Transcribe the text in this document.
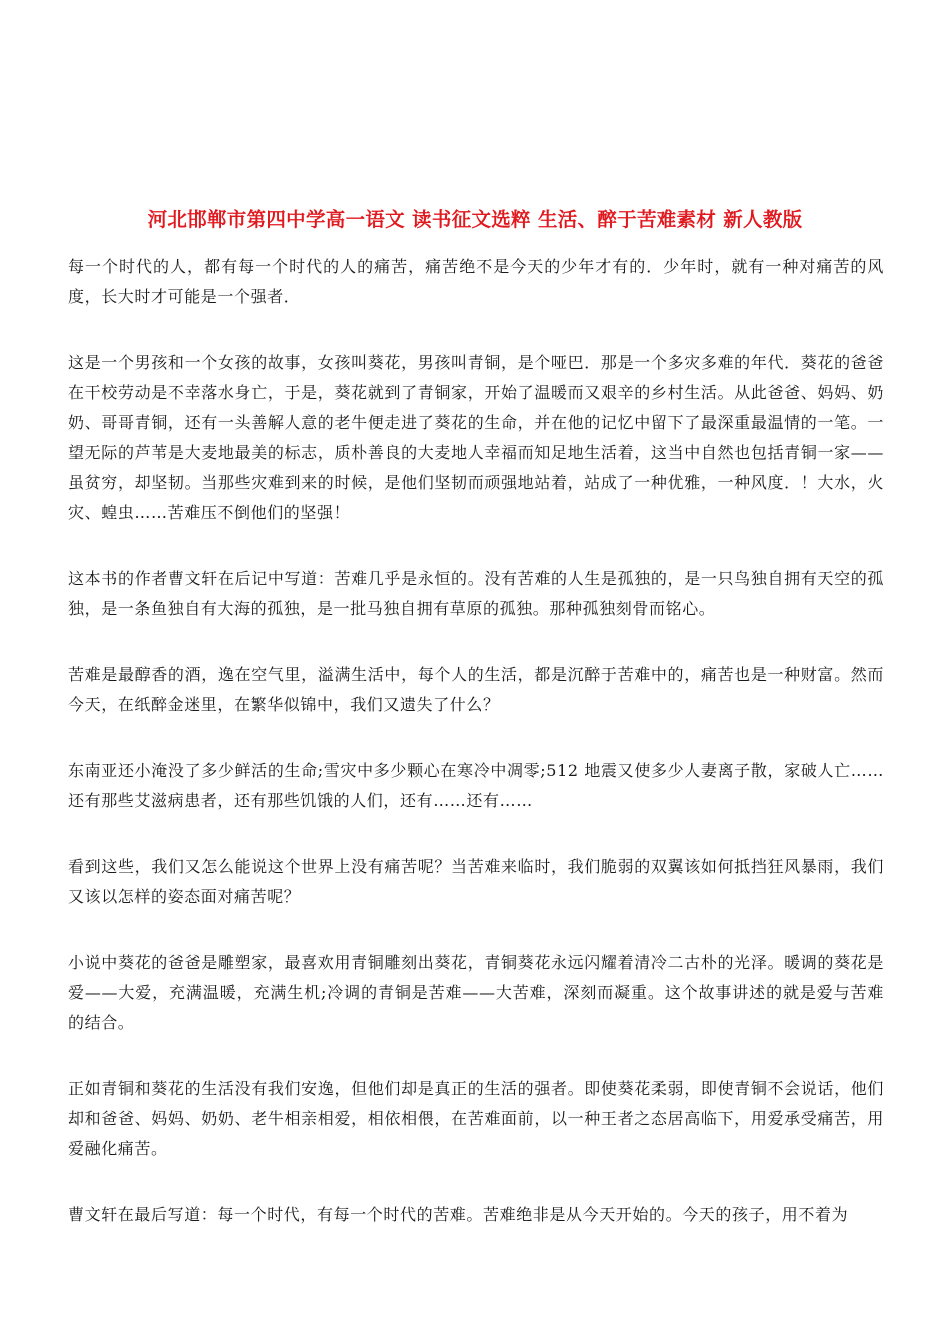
河北邯郸市第四中学高一语文 读书征文选粹 生活、醉于苦难素材 新人教版

每一个时代的人，都有每一个时代的人的痛苦，痛苦绝不是今天的少年才有的．少年时，就有一种对痛苦的风度，长大时才可能是一个强者．

这是一个男孩和一个女孩的故事，女孩叫葵花，男孩叫青铜，是个哑巴．那是一个多灾多难的年代．葵花的爸爸在干校劳动是不幸落水身亡，于是，葵花就到了青铜家，开始了温暖而又艰辛的乡村生活。从此爸爸、妈妈、奶奶、哥哥青铜，还有一头善解人意的老牛便走进了葵花的生命，并在他的记忆中留下了最深重最温情的一笔。一望无际的芦苇是大麦地最美的标志，质朴善良的大麦地人幸福而知足地生活着，这当中自然也包括青铜一家——虽贫穷，却坚韧。当那些灾难到来的时候，是他们坚韧而顽强地站着，站成了一种优雅，一种风度．！大水，火灾、蝗虫……苦难压不倒他们的坚强！

这本书的作者曹文轩在后记中写道：苦难几乎是永恒的。没有苦难的人生是孤独的，是一只鸟独自拥有天空的孤独，是一条鱼独自有大海的孤独，是一批马独自拥有草原的孤独。那种孤独刻骨而铭心。

苦难是最醇香的酒，逸在空气里，溢满生活中，每个人的生活，都是沉醉于苦难中的，痛苦也是一种财富。然而今天，在纸醉金迷里，在繁华似锦中，我们又遗失了什么？

东南亚还小淹没了多少鲜活的生命;雪灾中多少颗心在寒冷中凋零;512 地震又使多少人妻离子散，家破人亡……还有那些艾滋病患者，还有那些饥饿的人们，还有……还有……

看到这些，我们又怎么能说这个世界上没有痛苦呢？当苦难来临时，我们脆弱的双翼该如何抵挡狂风暴雨，我们又该以怎样的姿态面对痛苦呢？

小说中葵花的爸爸是雕塑家，最喜欢用青铜雕刻出葵花，青铜葵花永远闪耀着清冷二古朴的光泽。暖调的葵花是爱——大爱，充满温暖，充满生机;冷调的青铜是苦难——大苦难，深刻而凝重。这个故事讲述的就是爱与苦难的结合。

正如青铜和葵花的生活没有我们安逸，但他们却是真正的生活的强者。即使葵花柔弱，即使青铜不会说话，他们却和爸爸、妈妈、奶奶、老牛相亲相爱，相依相偎，在苦难面前，以一种王者之态居高临下，用爱承受痛苦，用爱融化痛苦。

曹文轩在最后写道：每一个时代，有每一个时代的苦难。苦难绝非是从今天开始的。今天的孩子，用不着为
